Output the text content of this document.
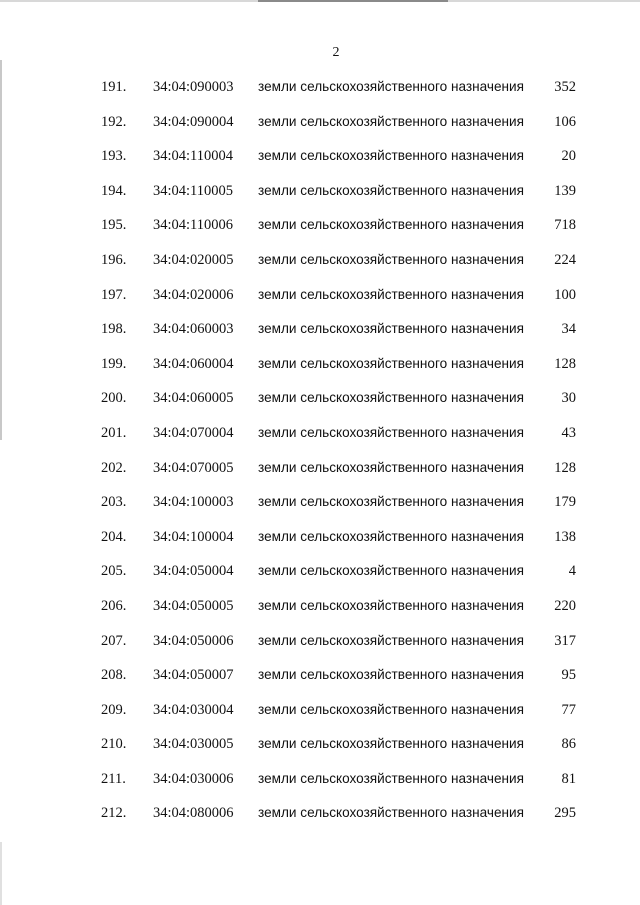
2
191.	34:04:090003	земли сельскохозяйственного назначения	352
192.	34:04:090004	земли сельскохозяйственного назначения	106
193.	34:04:110004	земли сельскохозяйственного назначения	20
194.	34:04:110005	земли сельскохозяйственного назначения	139
195.	34:04:110006	земли сельскохозяйственного назначения	718
196.	34:04:020005	земли сельскохозяйственного назначения	224
197.	34:04:020006	земли сельскохозяйственного назначения	100
198.	34:04:060003	земли сельскохозяйственного назначения	34
199.	34:04:060004	земли сельскохозяйственного назначения	128
200.	34:04:060005	земли сельскохозяйственного назначения	30
201.	34:04:070004	земли сельскохозяйственного назначения	43
202.	34:04:070005	земли сельскохозяйственного назначения	128
203.	34:04:100003	земли сельскохозяйственного назначения	179
204.	34:04:100004	земли сельскохозяйственного назначения	138
205.	34:04:050004	земли сельскохозяйственного назначения	4
206.	34:04:050005	земли сельскохозяйственного назначения	220
207.	34:04:050006	земли сельскохозяйственного назначения	317
208.	34:04:050007	земли сельскохозяйственного назначения	95
209.	34:04:030004	земли сельскохозяйственного назначения	77
210.	34:04:030005	земли сельскохозяйственного назначения	86
211.	34:04:030006	земли сельскохозяйственного назначения	81
212.	34:04:080006	земли сельскохозяйственного назначения	295
